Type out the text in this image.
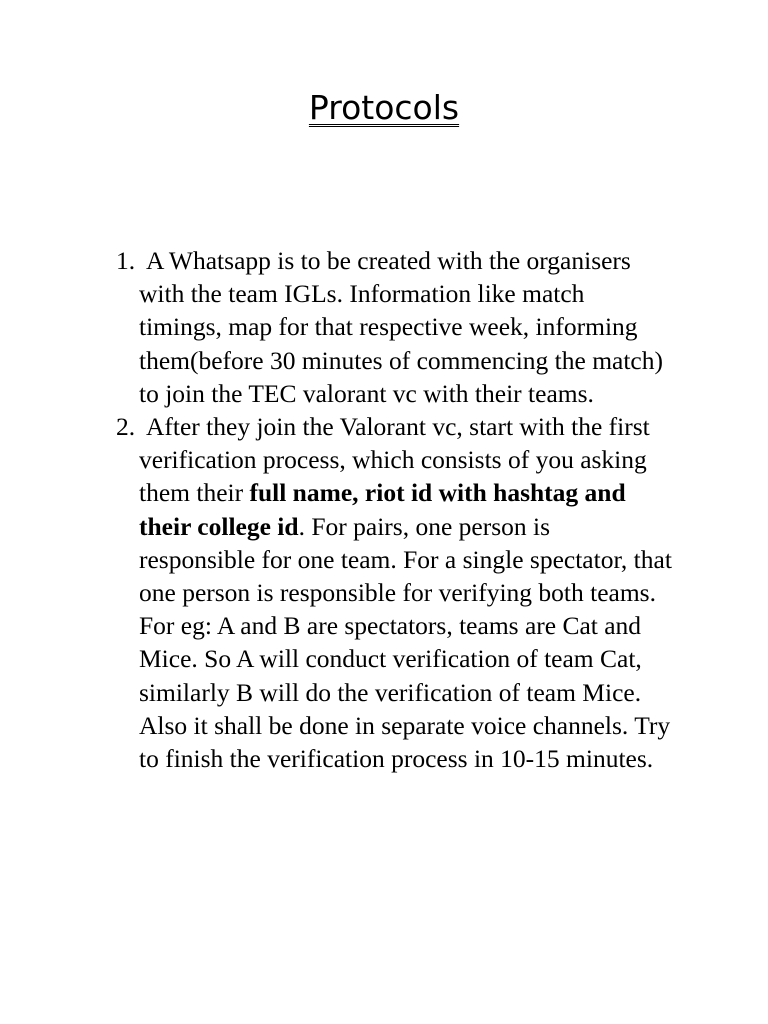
Protocols
1. A Whatsapp is to be created with the organisers with the team IGLs. Information like match timings, map for that respective week, informing them(before 30 minutes of commencing the match) to join the TEC valorant vc with their teams.
2. After they join the Valorant vc, start with the first verification process, which consists of you asking them their full name, riot id with hashtag and their college id. For pairs, one person is responsible for one team. For a single spectator, that one person is responsible for verifying both teams. For eg: A and B are spectators, teams are Cat and Mice. So A will conduct verification of team Cat, similarly B will do the verification of team Mice. Also it shall be done in separate voice channels. Try to finish the verification process in 10-15 minutes.
